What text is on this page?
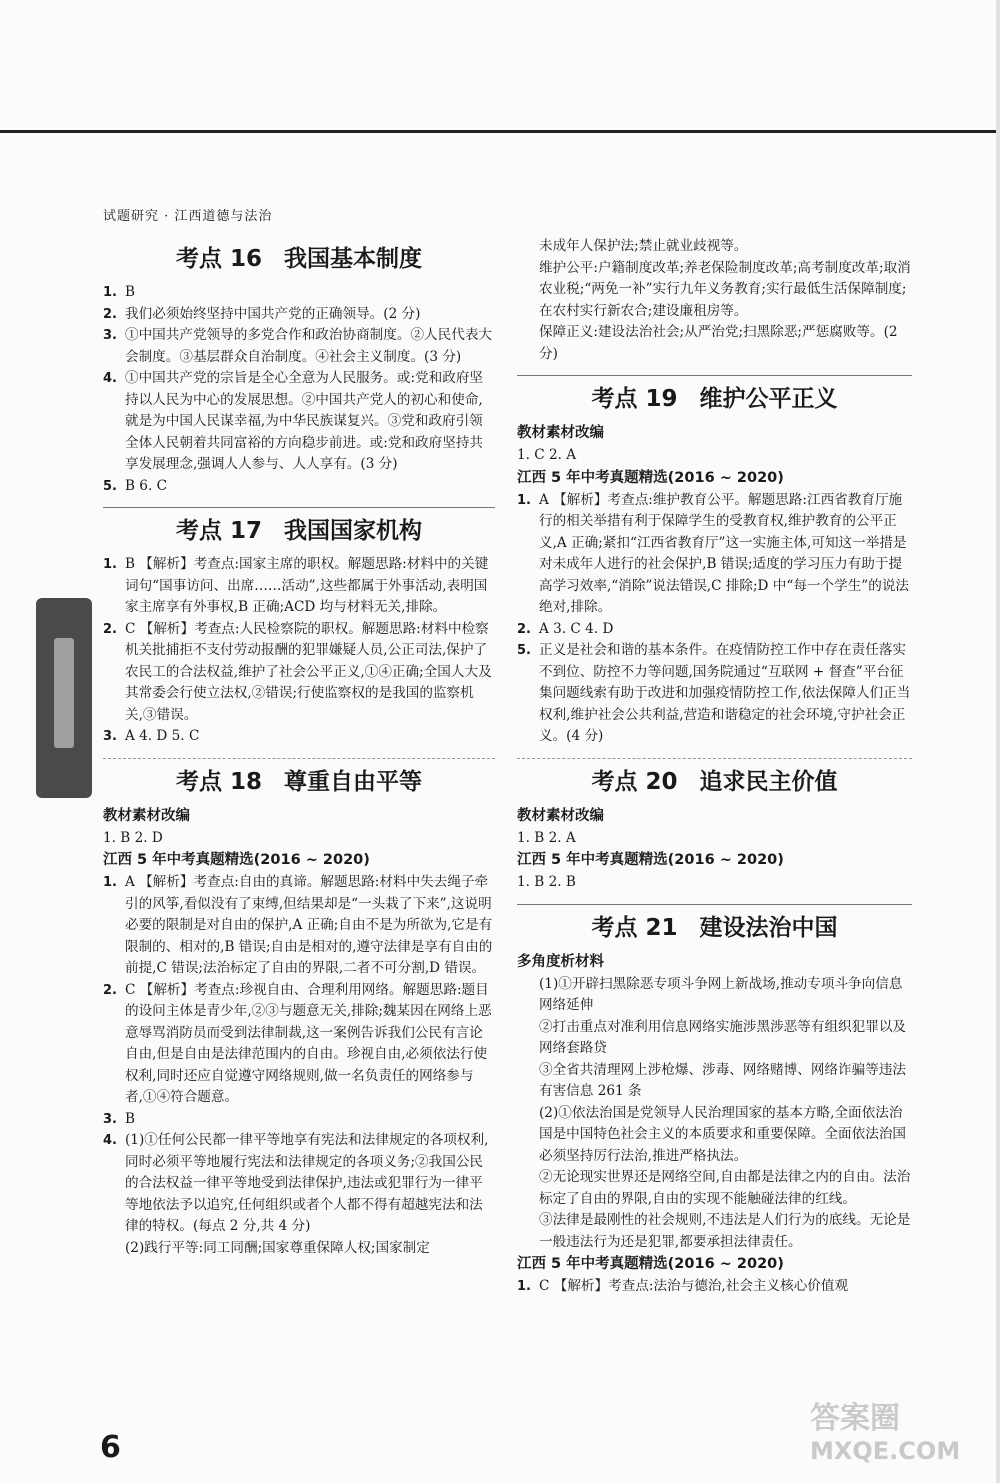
试题研究 · 江西道德与法治
考点 16 我国基本制度
1. B
2. 我们必须始终坚持中国共产党的正确领导。(2 分)
3. ①中国共产党领导的多党合作和政治协商制度。②人民代表大会制度。③基层群众自治制度。④社会主义制度。(3 分)
4. ①中国共产党的宗旨是全心全意为人民服务。或:党和政府坚持以人民为中心的发展思想。②中国共产党人的初心和使命,就是为中国人民谋幸福,为中华民族谋复兴。③党和政府引领全体人民朝着共同富裕的方向稳步前进。或:党和政府坚持共享发展理念,强调人人参与、人人享有。(3 分)
5. B 6. C
考点 17 我国国家机构
1. B 【解析】考查点:国家主席的职权。解题思路:材料中的关键词句“国事访问、出席……活动”,这些都属于外事活动,表明国家主席享有外事权,B 正确;ACD 均与材料无关,排除。
2. C 【解析】考查点:人民检察院的职权。解题思路:材料中检察机关批捕拒不支付劳动报酬的犯罪嫌疑人员,公正司法,保护了农民工的合法权益,维护了社会公平正义,①④正确;全国人大及其常委会行使立法权,②错误;行使监察权的是我国的监察机关,③错误。
3. A 4. D 5. C
考点 18 尊重自由平等
教材素材改编
1. B 2. D
江西 5 年中考真题精选(2016 ~ 2020)
1. A 【解析】考查点:自由的真谛。解题思路:材料中失去绳子牵引的风筝,看似没有了束缚,但结果却是“一头栽了下来”,这说明必要的限制是对自由的保护,A 正确;自由不是为所欲为,它是有限制的、相对的,B 错误;自由是相对的,遵守法律是享有自由的前提,C 错误;法治标定了自由的界限,二者不可分割,D 错误。
2. C 【解析】考查点:珍视自由、合理利用网络。解题思路:题目的设问主体是青少年,②③与题意无关,排除;魏某因在网络上恶意辱骂消防员而受到法律制裁,这一案例告诉我们公民有言论自由,但是自由是法律范围内的自由。珍视自由,必须依法行使权利,同时还应自觉遵守网络规则,做一名负责任的网络参与者,①④符合题意。
3. B
4. (1)①任何公民都一律平等地享有宪法和法律规定的各项权利,同时必须平等地履行宪法和法律规定的各项义务;②我国公民的合法权益一律平等地受到法律保护,违法或犯罪行为一律平等地依法予以追究,任何组织或者个人都不得有超越宪法和法律的特权。(每点 2 分,共 4 分)
(2)践行平等:同工同酬;国家尊重保障人权;国家制定
未成年人保护法;禁止就业歧视等。
维护公平:户籍制度改革;养老保险制度改革;高考制度改革;取消农业税;“两免一补”实行九年义务教育;实行最低生活保障制度;在农村实行新农合;建设廉租房等。
保障正义:建设法治社会;从严治党;扫黑除恶;严惩腐败等。(2 分)
考点 19 维护公平正义
教材素材改编
1. C 2. A
江西 5 年中考真题精选(2016 ~ 2020)
1. A 【解析】考查点:维护教育公平。解题思路:江西省教育厅施行的相关举措有利于保障学生的受教育权,维护教育的公平正义,A 正确;紧扣“江西省教育厅”这一实施主体,可知这一举措是对未成年人进行的社会保护,B 错误;适度的学习压力有助于提高学习效率,“消除”说法错误,C 排除;D 中“每一个学生”的说法绝对,排除。
2. A 3. C 4. D
5. 正义是社会和谐的基本条件。在疫情防控工作中存在责任落实不到位、防控不力等问题,国务院通过“互联网 + 督查”平台征集问题线索有助于改进和加强疫情防控工作,依法保障人们正当权利,维护社会公共利益,营造和谐稳定的社会环境,守护社会正义。(4 分)
考点 20 追求民主价值
教材素材改编
1. B 2. A
江西 5 年中考真题精选(2016 ~ 2020)
1. B 2. B
考点 21 建设法治中国
多角度析材料
(1)①开辟扫黑除恶专项斗争网上新战场,推动专项斗争向信息网络延伸
②打击重点对准利用信息网络实施涉黑涉恶等有组织犯罪以及网络套路贷
③全省共清理网上涉枪爆、涉毒、网络赌博、网络诈骗等违法有害信息 261 条
(2)①依法治国是党领导人民治理国家的基本方略,全面依法治国是中国特色社会主义的本质要求和重要保障。全面依法治国必须坚持厉行法治,推进严格执法。
②无论现实世界还是网络空间,自由都是法律之内的自由。法治标定了自由的界限,自由的实现不能触碰法律的红线。
③法律是最刚性的社会规则,不违法是人们行为的底线。无论是一般违法行为还是犯罪,都要承担法律责任。
江西 5 年中考真题精选(2016 ~ 2020)
1. C 【解析】考查点:法治与德治,社会主义核心价值观
6
答案圈
MXQE.COM
